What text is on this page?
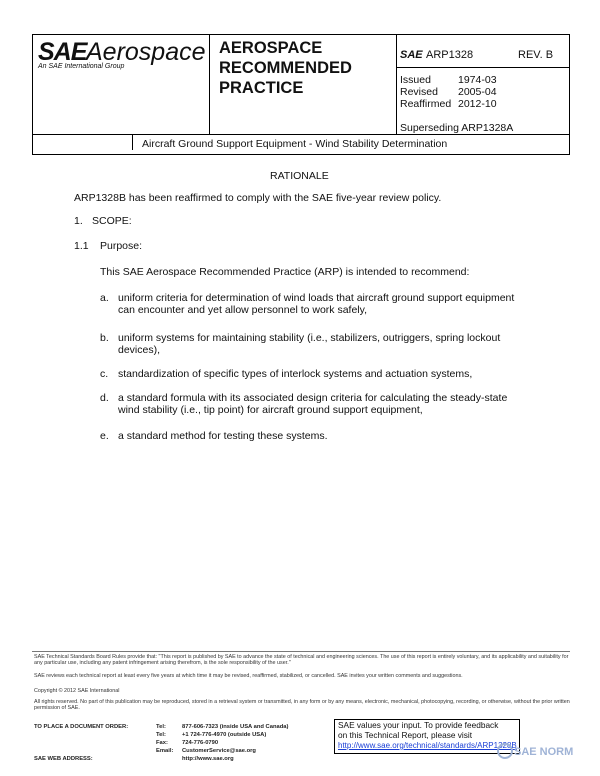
SAE Aerospace
An SAE International Group
AEROSPACE
RECOMMENDED
PRACTICE
SAE ARP1328	REV. B
Issued	1974-03
Revised 2005-04
Reaffirmed 2012-10
Superseding ARP1328A
Aircraft Ground Support Equipment - Wind Stability Determination
RATIONALE
ARP1328B has been reaffirmed to comply with the SAE five-year review policy.
1. SCOPE:
1.1 Purpose:
This SAE Aerospace Recommended Practice (ARP) is intended to recommend:
a. uniform criteria for determination of wind loads that aircraft ground support equipment can encounter and yet allow personnel to work safely,
b. uniform systems for maintaining stability (i.e., stabilizers, outriggers, spring lockout devices),
c. standardization of specific types of interlock systems and actuation systems,
d. a standard formula with its associated design criteria for calculating the steady-state wind stability (i.e., tip point) for aircraft ground support equipment,
e. a standard method for testing these systems.
SAE Technical Standards Board Rules provide that: "This report is published by SAE to advance the state of technical and engineering sciences. The use of this report is entirely voluntary, and its applicability and suitability for any particular use, including any patent infringement arising therefrom, is the sole responsibility of the user."
SAE reviews each technical report at least every five years at which time it may be revised, reaffirmed, stabilized, or cancelled. SAE invites your written comments and suggestions.
Copyright © 2012 SAE International
All rights reserved. No part of this publication may be reproduced, stored in a retrieval system or transmitted, in any form or by any means, electronic, mechanical, photocopying, recording, or otherwise, without the prior written permission of SAE.
TO PLACE A DOCUMENT ORDER:	Tel:	877-606-7323 (inside USA and Canada)
Tel:	+1 724-776-4970 (outside USA)
Fax: 724-776-0790
Email: CustomerService@sae.org
SAE WEB ADDRESS:	http://www.sae.org
SAE values your input. To provide feedback
on this Technical Report, please visit
http://www.sae.org/technical/standards/ARP1328B
SAE NORM
